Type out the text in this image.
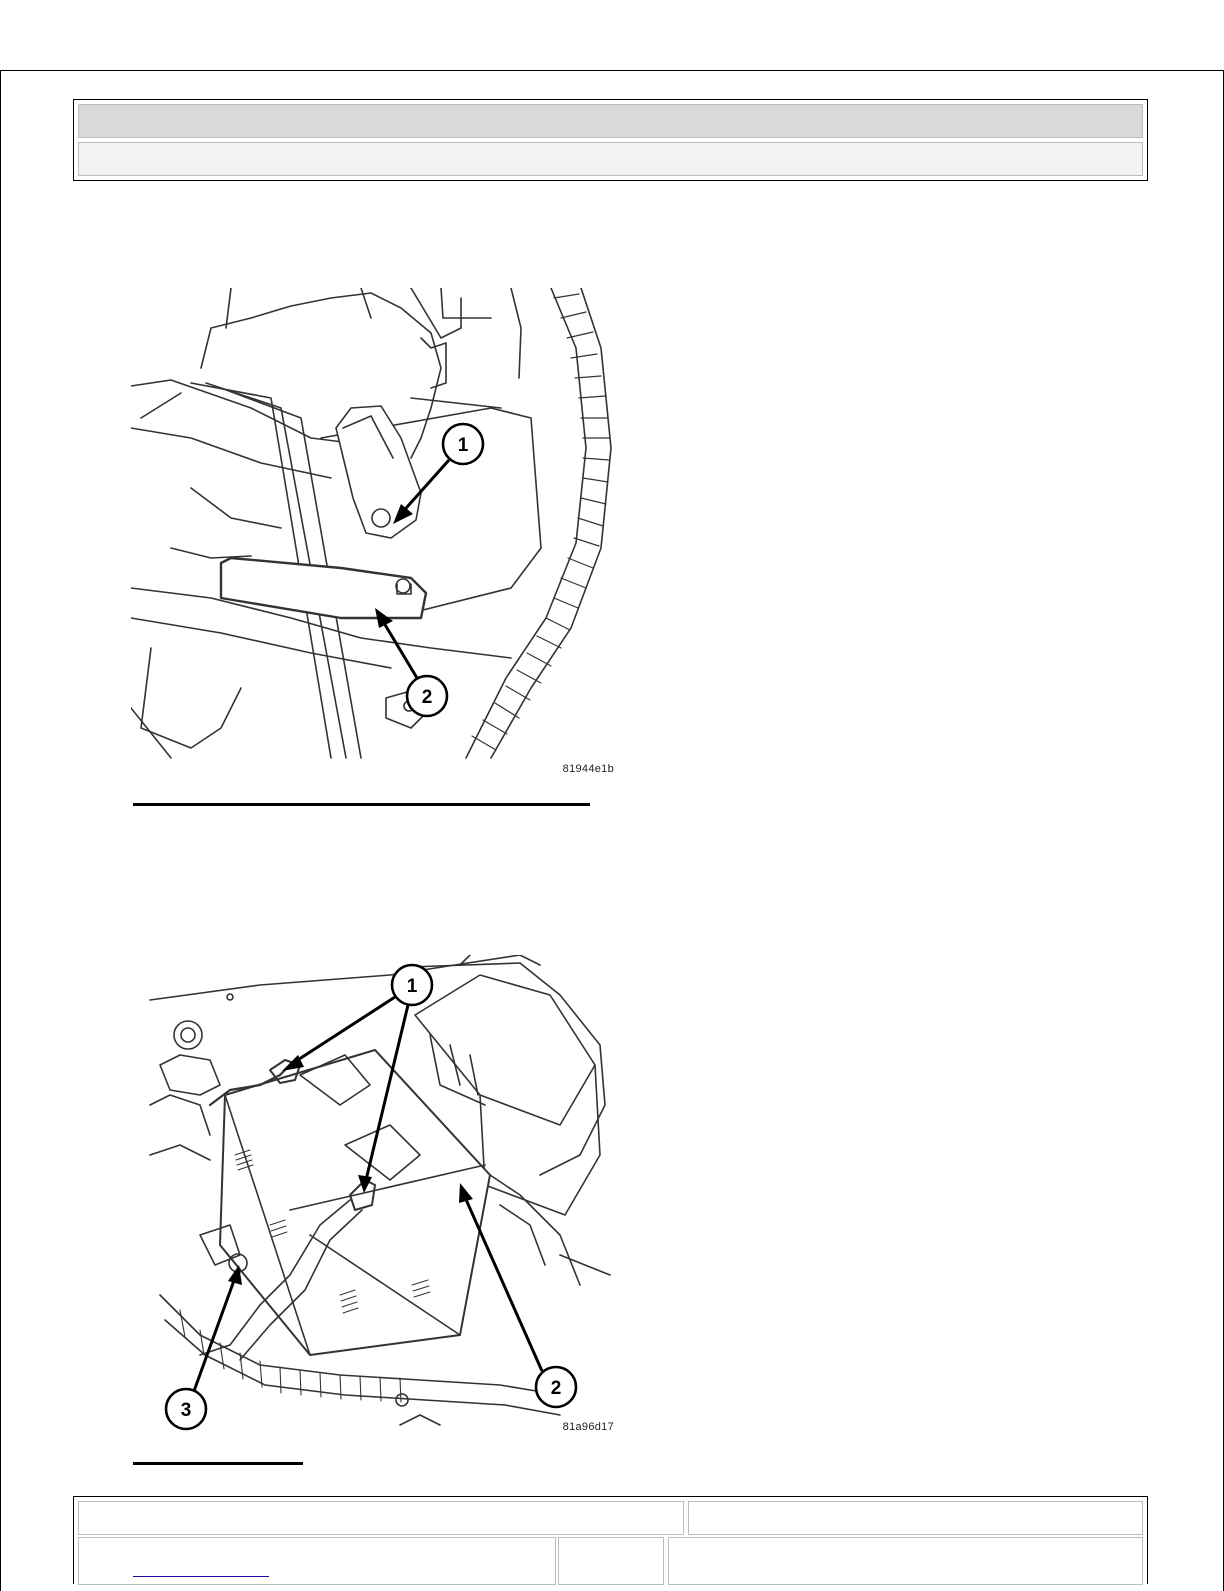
1
2
81944e1b
1
2
3
81a96d17
